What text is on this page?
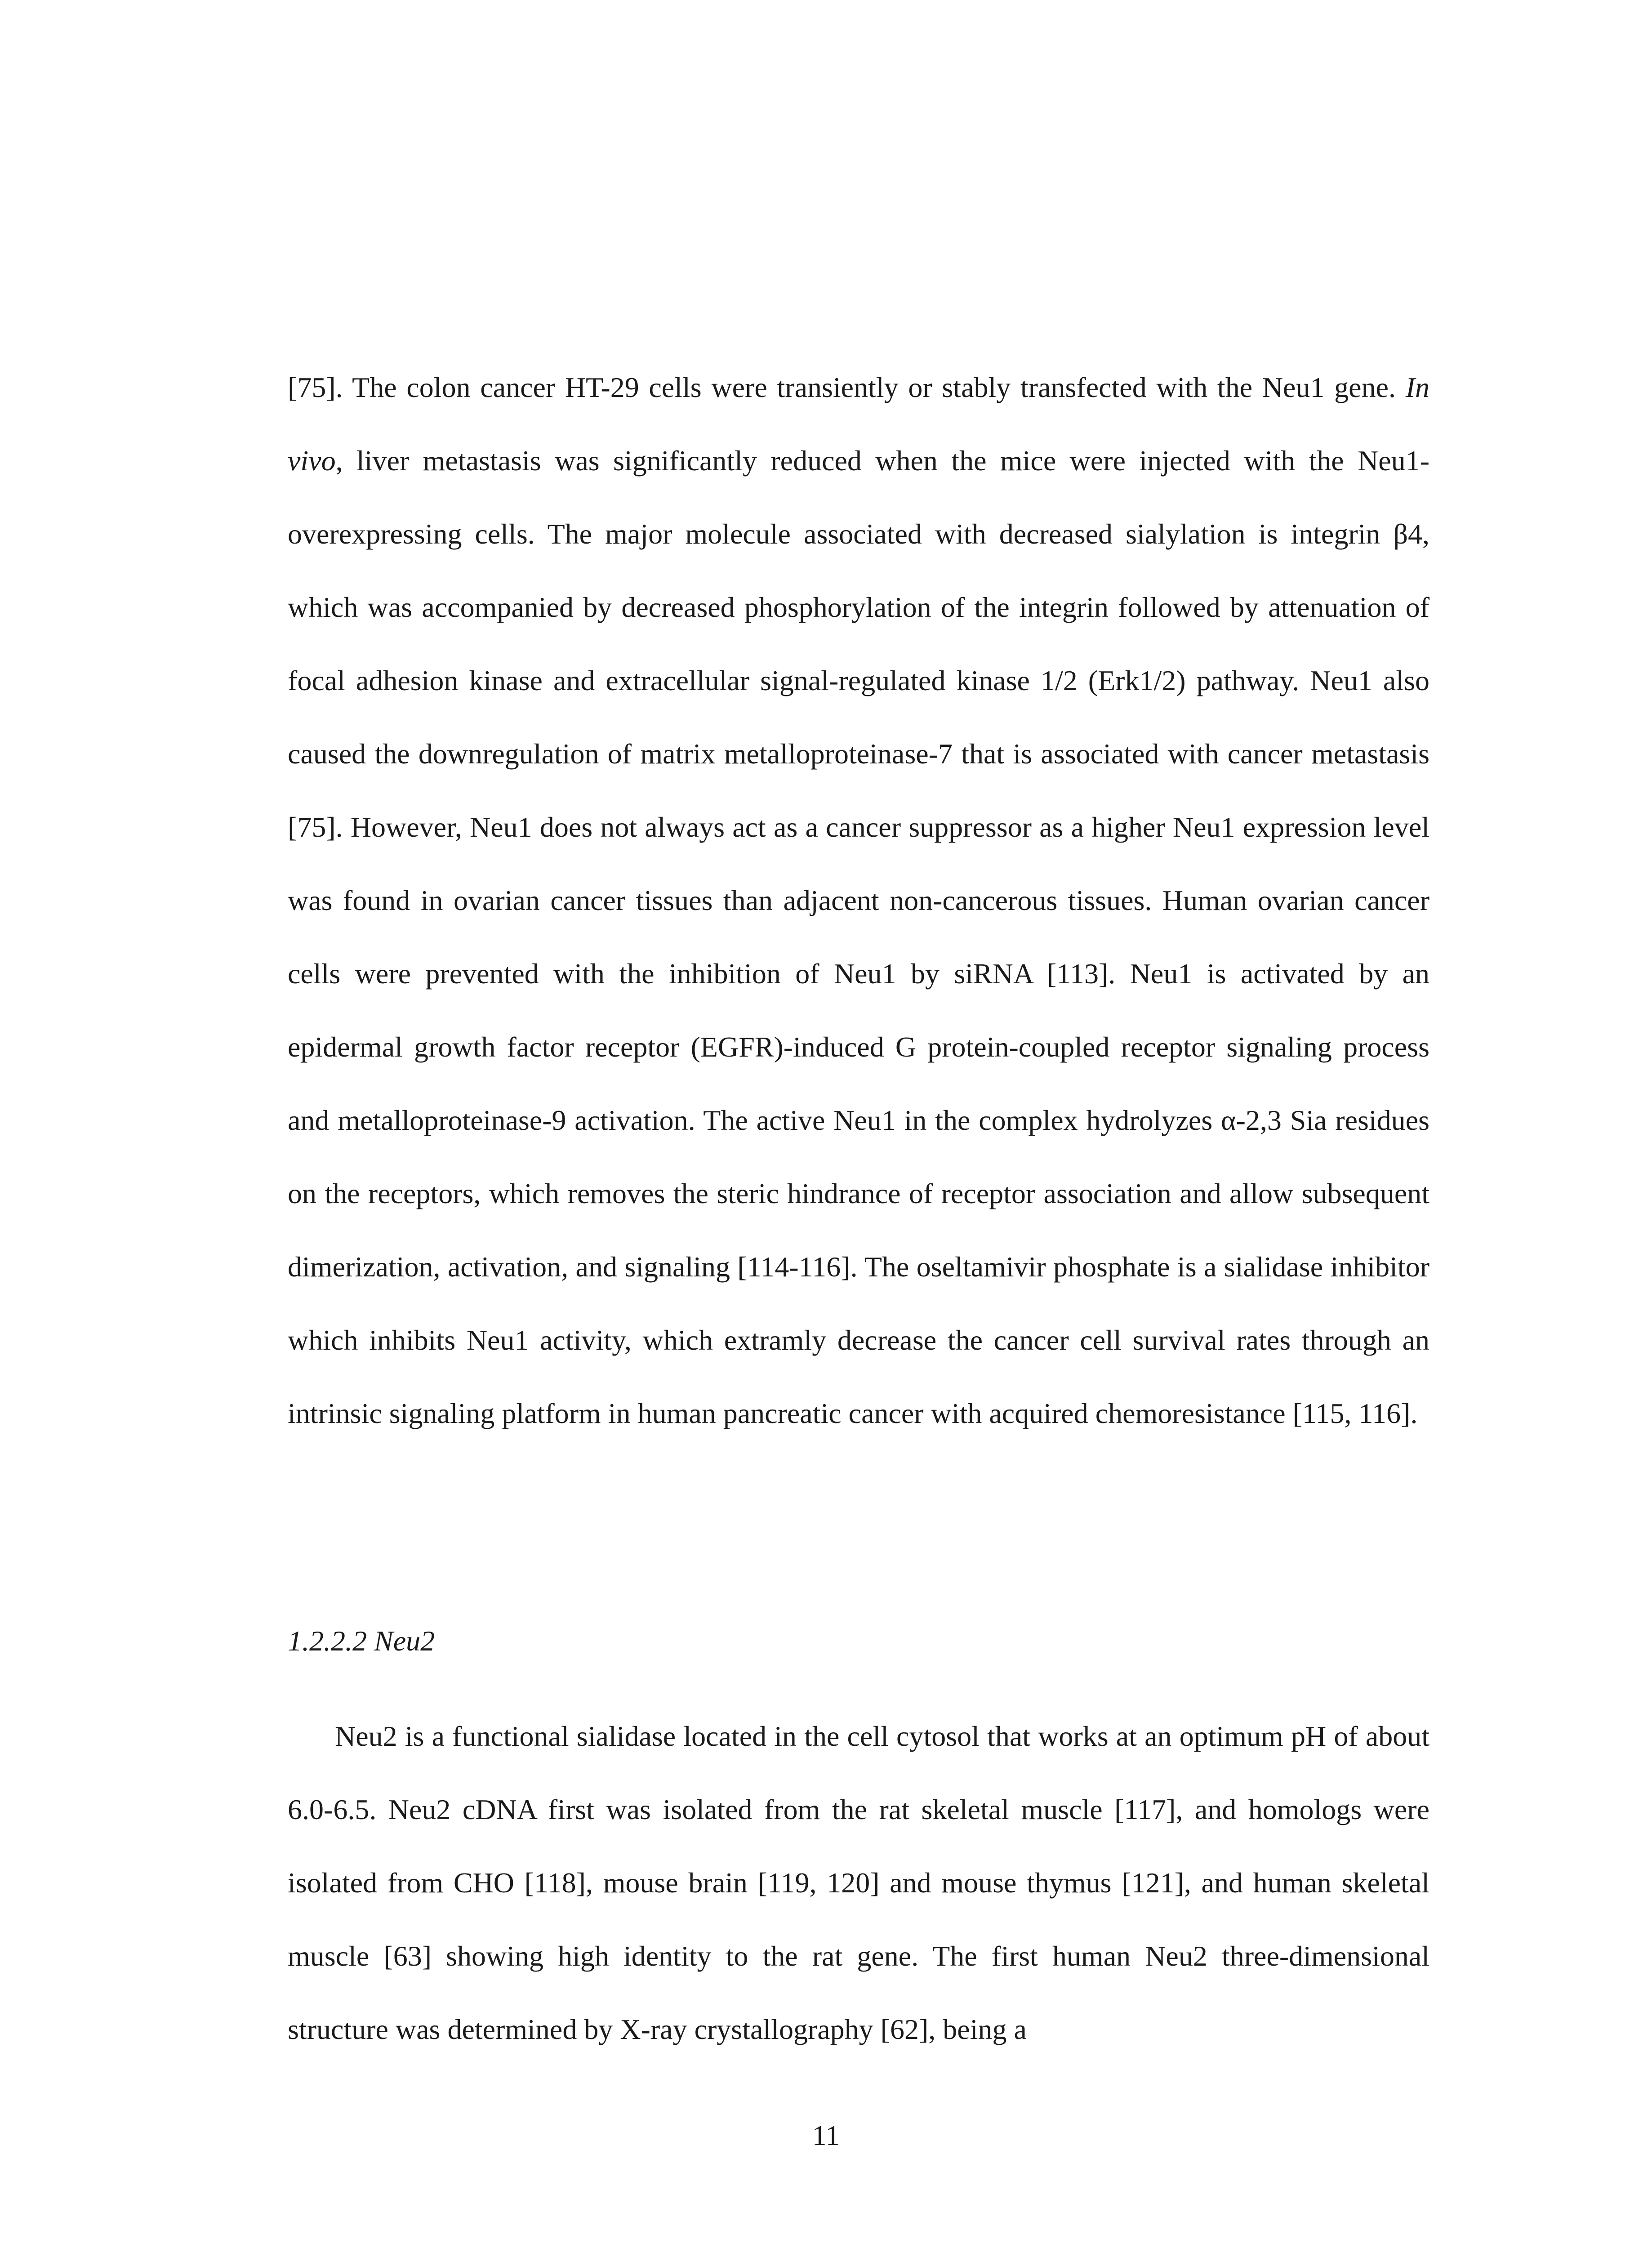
[75]. The colon cancer HT-29 cells were transiently or stably transfected with the Neu1 gene. In vivo, liver metastasis was significantly reduced when the mice were injected with the Neu1-overexpressing cells. The major molecule associated with decreased sialylation is integrin β4, which was accompanied by decreased phosphorylation of the integrin followed by attenuation of focal adhesion kinase and extracellular signal-regulated kinase 1/2 (Erk1/2) pathway. Neu1 also caused the downregulation of matrix metalloproteinase-7 that is associated with cancer metastasis [75]. However, Neu1 does not always act as a cancer suppressor as a higher Neu1 expression level was found in ovarian cancer tissues than adjacent non-cancerous tissues. Human ovarian cancer cells were prevented with the inhibition of Neu1 by siRNA [113]. Neu1 is activated by an epidermal growth factor receptor (EGFR)-induced G protein-coupled receptor signaling process and metalloproteinase-9 activation. The active Neu1 in the complex hydrolyzes α-2,3 Sia residues on the receptors, which removes the steric hindrance of receptor association and allow subsequent dimerization, activation, and signaling [114-116]. The oseltamivir phosphate is a sialidase inhibitor which inhibits Neu1 activity, which extramly decrease the cancer cell survival rates through an intrinsic signaling platform in human pancreatic cancer with acquired chemoresistance [115, 116].

1.2.2.2 Neu2

Neu2 is a functional sialidase located in the cell cytosol that works at an optimum pH of about 6.0-6.5. Neu2 cDNA first was isolated from the rat skeletal muscle [117], and homologs were isolated from CHO [118], mouse brain [119, 120] and mouse thymus [121], and human skeletal muscle [63] showing high identity to the rat gene. The first human Neu2 three-dimensional structure was determined by X-ray crystallography [62], being a

11
